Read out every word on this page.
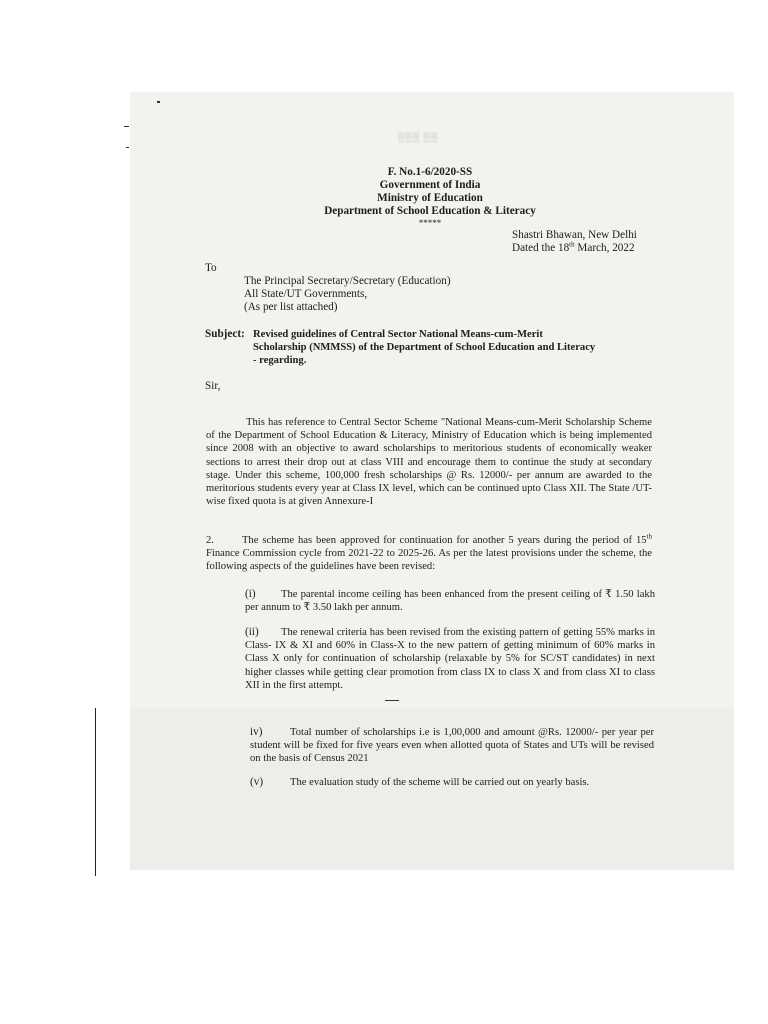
▒▒▒ ▒▒
F. No.1-6/2020-SS
Government of India
Ministry of Education
Department of School Education & Literacy
*****
Shastri Bhawan, New Delhi
Dated the 18th March, 2022
To
The Principal Secretary/Secretary (Education)
All State/UT Governments,
(As per list attached)
Subject: Revised guidelines of Central Sector National Means-cum-Merit
Scholarship (NMMSS) of the Department of School Education and Literacy
- regarding.
Sir,
This has reference to Central Sector Scheme "National Means-cum-Merit Scholarship Scheme of the Department of School Education & Literacy, Ministry of Education which is being implemented since 2008 with an objective to award scholarships to meritorious students of economically weaker sections to arrest their drop out at class VIII and encourage them to continue the study at secondary stage. Under this scheme, 100,000 fresh scholarships @ Rs. 12000/- per annum are awarded to the meritorious students every year at Class IX level, which can be continued upto Class XII. The State /UT-wise fixed quota is at given Annexure-I
2.	The scheme has been approved for continuation for another 5 years during the period of 15th Finance Commission cycle from 2021-22 to 2025-26. As per the latest provisions under the scheme, the following aspects of the guidelines have been revised:
(i)	The parental income ceiling has been enhanced from the present ceiling of ₹ 1.50 lakh per annum to ₹ 3.50 lakh per annum.
(ii)	The renewal criteria has been revised from the existing pattern of getting 55% marks in Class- IX & XI and 60% in Class-X to the new pattern of getting minimum of 60% marks in Class X only for continuation of scholarship (relaxable by 5% for SC/ST candidates) in next higher classes while getting clear promotion from class IX to class X and from class XI to class XII in the first attempt.
iv)	Total number of scholarships i.e is 1,00,000 and amount @Rs. 12000/- per year per student will be fixed for five years even when allotted quota of States and UTs will be revised on the basis of Census 2021
(v)	The evaluation study of the scheme will be carried out on yearly basis.
